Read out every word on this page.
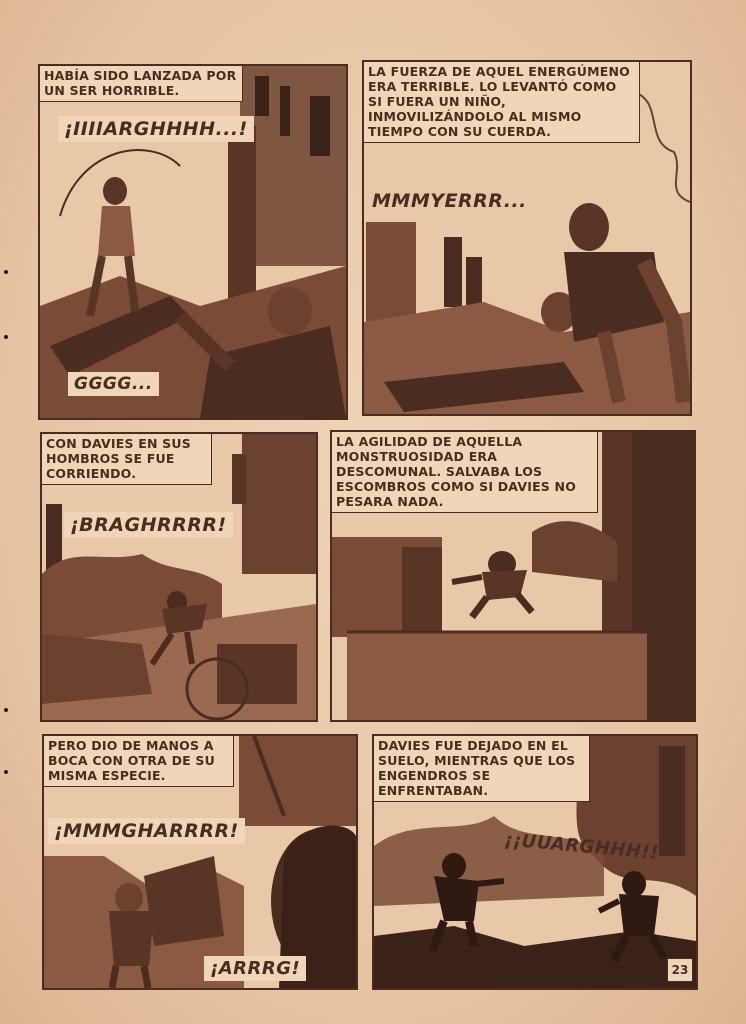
HABÍA SIDO LANZADA POR UN SER HORRIBLE.
¡IIIIARGHHHH...!
GGGG...
LA FUERZA DE AQUEL ENERGÚMENO ERA TERRIBLE. LO LEVANTÓ COMO SI FUERA UN NIÑO, INMOVILIZÁNDOLO AL MISMO TIEMPO CON SU CUERDA.
MMMYERRR...
CON DAVIES EN SUS HOMBROS SE FUE CORRIENDO.
¡BRAGHRRRR!
LA AGILIDAD DE AQUELLA MONSTRUOSIDAD ERA DESCOMUNAL. SALVABA LOS ESCOMBROS COMO SI DAVIES NO PESARA NADA.
PERO DIO DE MANOS A BOCA CON OTRA DE SU MISMA ESPECIE.
¡MMMGHARRRR!
¡ARRRG!
DAVIES FUE DEJADO EN EL SUELO, MIENTRAS QUE LOS ENGENDROS SE ENFRENTABAN.
¡¡UUARGHHH!!
23
